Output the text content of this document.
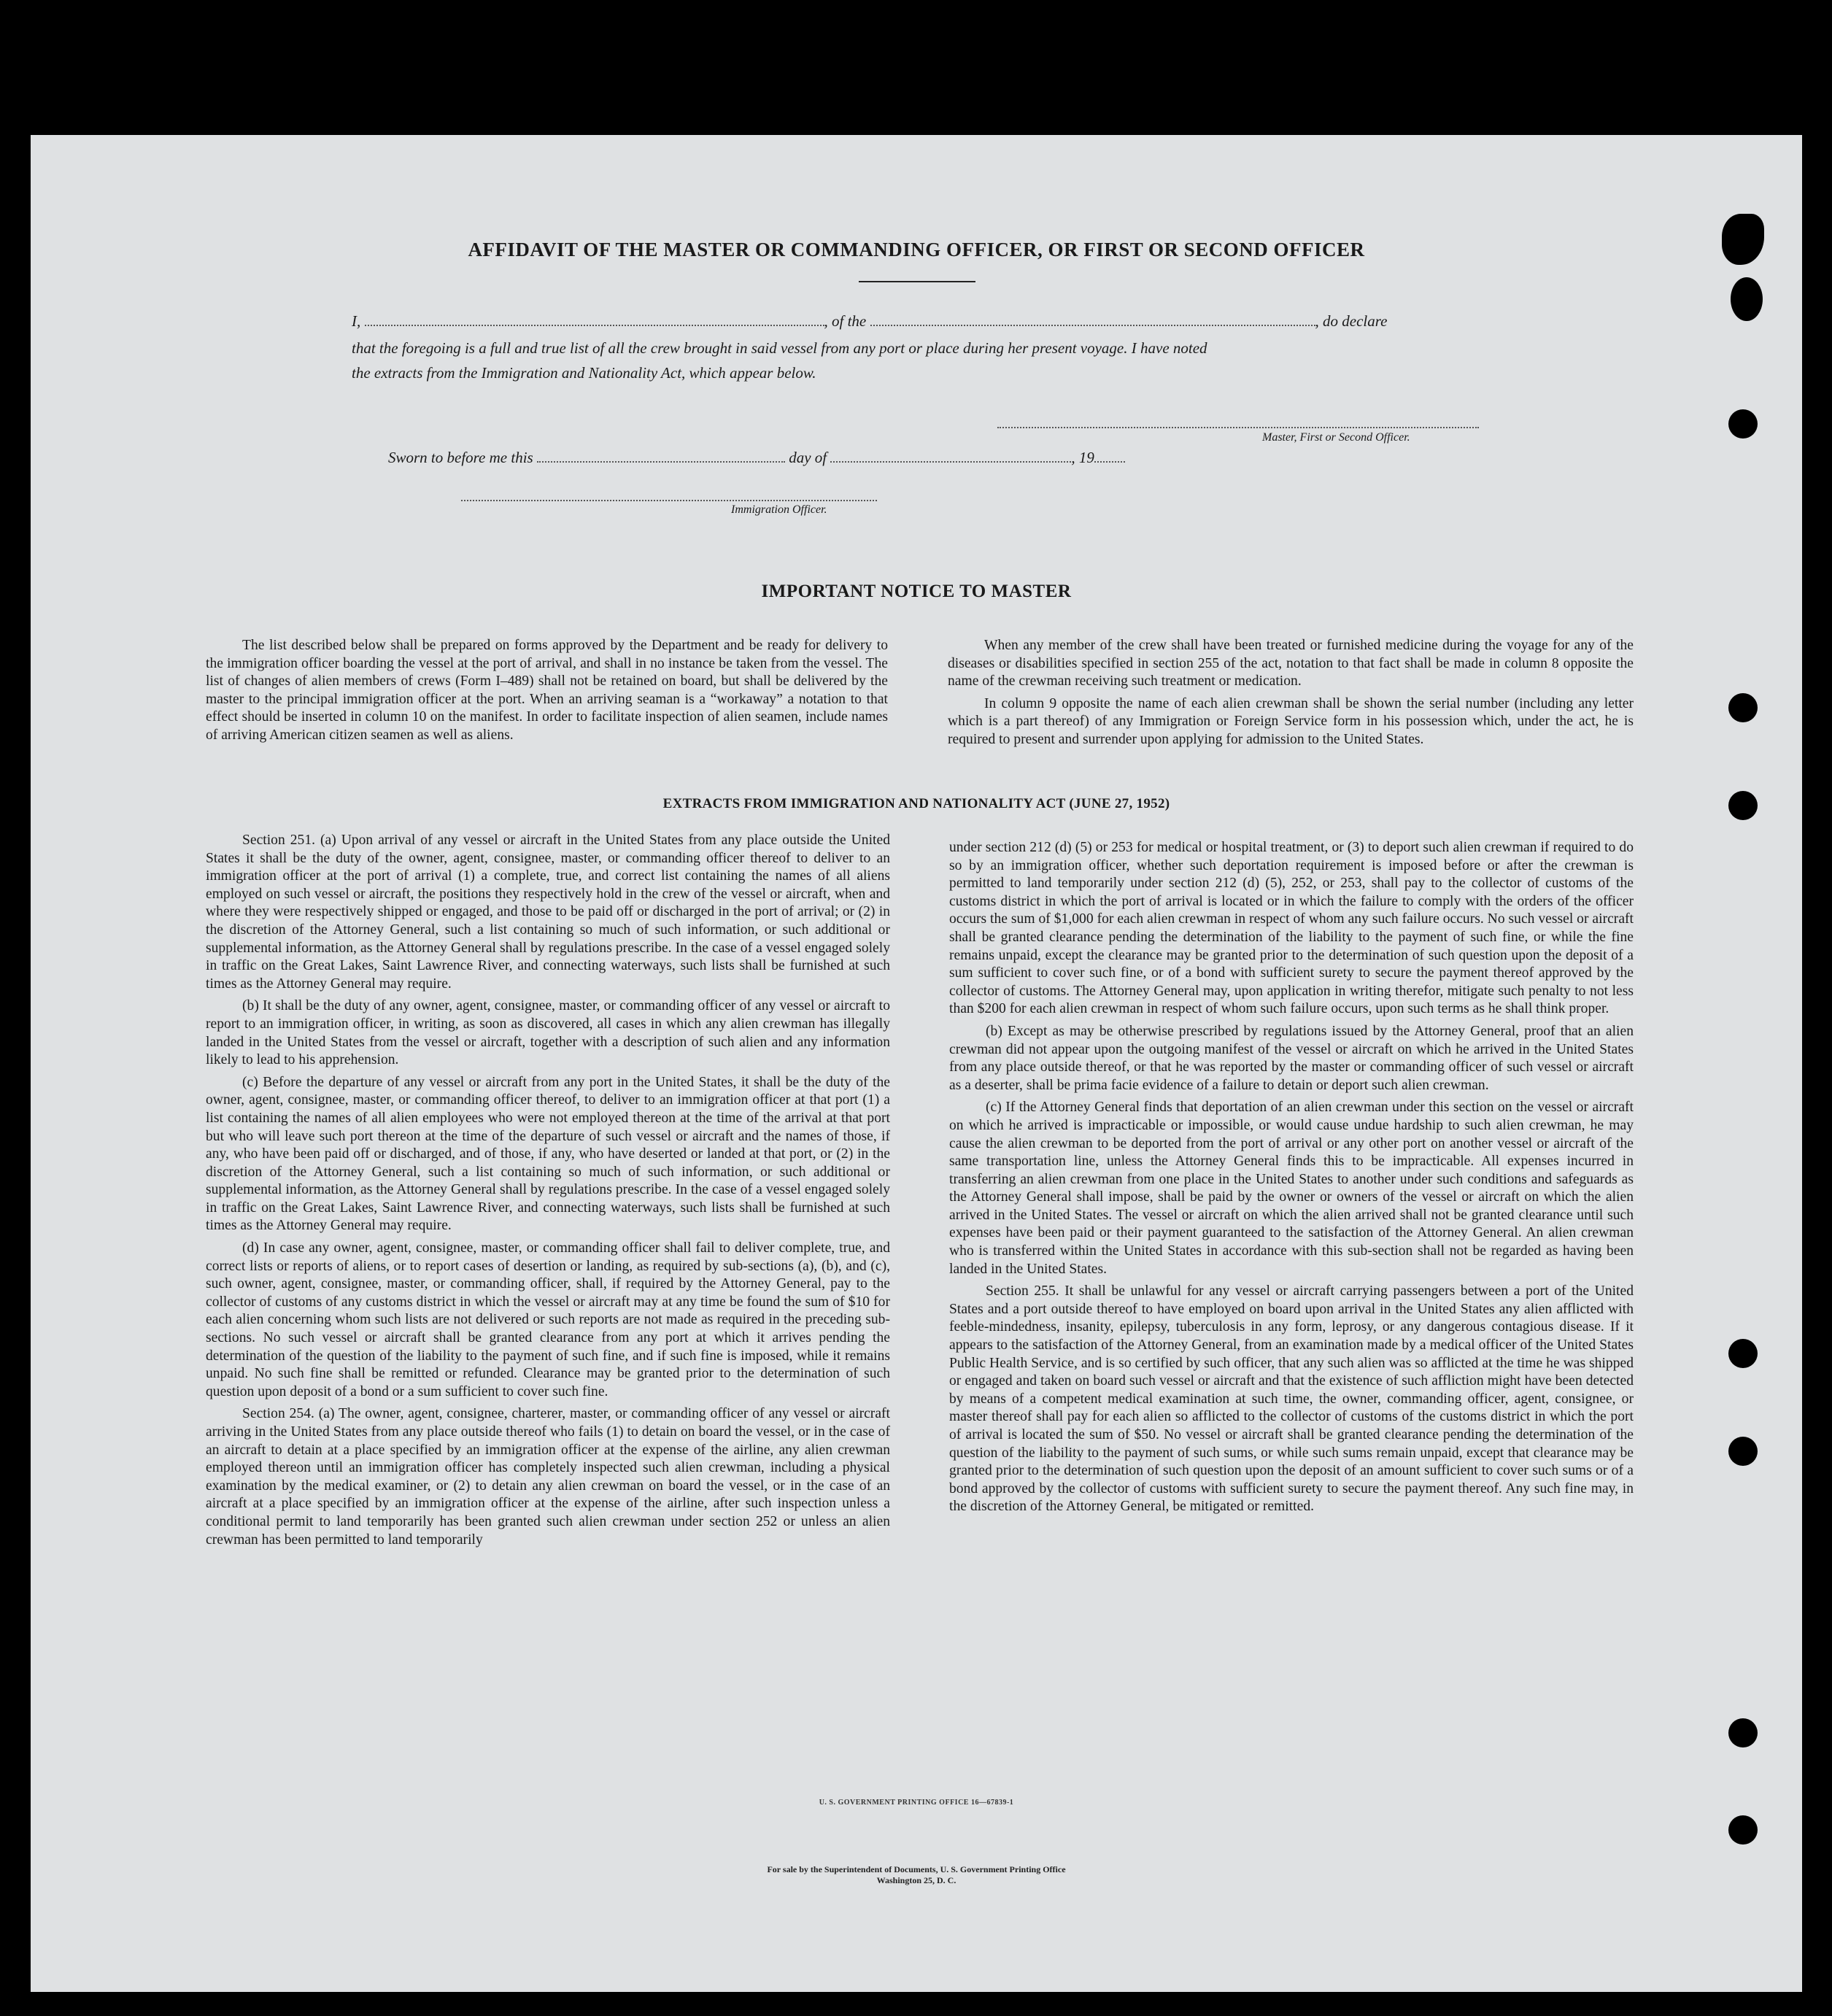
AFFIDAVIT OF THE MASTER OR COMMANDING OFFICER, OR FIRST OR SECOND OFFICER
I,	, of the	, do declare
that the foregoing is a full and true list of all the crew brought in said vessel from any port or place during her present voyage. I have noted
the extracts from the Immigration and Nationality Act, which appear below.
Master, First or Second Officer.
Sworn to before me this	day of	, 19
Immigration Officer.
IMPORTANT NOTICE TO MASTER

The list described below shall be prepared on forms approved by the Department and be ready for delivery to the immigration officer boarding the vessel at the port of arrival, and shall in no instance be taken from the vessel. The list of changes of alien members of crews (Form I–489) shall not be retained on board, but shall be delivered by the master to the principal immigration officer at the port. When an arriving seaman is a “workaway” a notation to that effect should be inserted in column 10 on the manifest. In order to facilitate inspection of alien seamen, include names of arriving American citizen seamen as well as aliens.

When any member of the crew shall have been treated or furnished medicine during the voyage for any of the diseases or disabilities specified in section 255 of the act, notation to that fact shall be made in column 8 opposite the name of the crewman receiving such treatment or medication.

In column 9 opposite the name of each alien crewman shall be shown the serial number (including any letter which is a part thereof) of any Immigration or Foreign Service form in his possession which, under the act, he is required to present and surrender upon applying for admission to the United States.

EXTRACTS FROM IMMIGRATION AND NATIONALITY ACT (JUNE 27, 1952)

Section 251. (a) Upon arrival of any vessel or aircraft in the United States from any place outside the United States it shall be the duty of the owner, agent, consignee, master, or commanding officer thereof to deliver to an immigration officer at the port of arrival (1) a complete, true, and correct list containing the names of all aliens employed on such vessel or aircraft, the positions they respectively hold in the crew of the vessel or aircraft, when and where they were respectively shipped or engaged, and those to be paid off or discharged in the port of arrival; or (2) in the discretion of the Attorney General, such a list containing so much of such information, or such additional or supplemental information, as the Attorney General shall by regulations prescribe. In the case of a vessel engaged solely in traffic on the Great Lakes, Saint Lawrence River, and connecting waterways, such lists shall be furnished at such times as the Attorney General may require.

(b) It shall be the duty of any owner, agent, consignee, master, or commanding officer of any vessel or aircraft to report to an immigration officer, in writing, as soon as discovered, all cases in which any alien crewman has illegally landed in the United States from the vessel or aircraft, together with a description of such alien and any information likely to lead to his apprehension.

(c) Before the departure of any vessel or aircraft from any port in the United States, it shall be the duty of the owner, agent, consignee, master, or commanding officer thereof, to deliver to an immigration officer at that port (1) a list containing the names of all alien employees who were not employed thereon at the time of the arrival at that port but who will leave such port thereon at the time of the departure of such vessel or aircraft and the names of those, if any, who have been paid off or discharged, and of those, if any, who have deserted or landed at that port, or (2) in the discretion of the Attorney General, such a list containing so much of such information, or such additional or supplemental information, as the Attorney General shall by regulations prescribe. In the case of a vessel engaged solely in traffic on the Great Lakes, Saint Lawrence River, and connecting waterways, such lists shall be furnished at such times as the Attorney General may require.

(d) In case any owner, agent, consignee, master, or commanding officer shall fail to deliver complete, true, and correct lists or reports of aliens, or to report cases of desertion or landing, as required by sub-sections (a), (b), and (c), such owner, agent, consignee, master, or commanding officer, shall, if required by the Attorney General, pay to the collector of customs of any customs district in which the vessel or aircraft may at any time be found the sum of $10 for each alien concerning whom such lists are not delivered or such reports are not made as required in the preceding sub-sections. No such vessel or aircraft shall be granted clearance from any port at which it arrives pending the determination of the question of the liability to the payment of such fine, and if such fine is imposed, while it remains unpaid. No such fine shall be remitted or refunded. Clearance may be granted prior to the determination of such question upon deposit of a bond or a sum sufficient to cover such fine.

Section 254. (a) The owner, agent, consignee, charterer, master, or commanding officer of any vessel or aircraft arriving in the United States from any place outside thereof who fails (1) to detain on board the vessel, or in the case of an aircraft to detain at a place specified by an immigration officer at the expense of the airline, any alien crewman employed thereon until an immigration officer has completely inspected such alien crewman, including a physical examination by the medical examiner, or (2) to detain any alien crewman on board the vessel, or in the case of an aircraft at a place specified by an immigration officer at the expense of the airline, after such inspection unless a conditional permit to land temporarily has been granted such alien crewman under section 252 or unless an alien crewman has been permitted to land temporarily

under section 212 (d) (5) or 253 for medical or hospital treatment, or (3) to deport such alien crewman if required to do so by an immigration officer, whether such deportation requirement is imposed before or after the crewman is permitted to land temporarily under section 212 (d) (5), 252, or 253, shall pay to the collector of customs of the customs district in which the port of arrival is located or in which the failure to comply with the orders of the officer occurs the sum of $1,000 for each alien crewman in respect of whom any such failure occurs. No such vessel or aircraft shall be granted clearance pending the determination of the liability to the payment of such fine, or while the fine remains unpaid, except the clearance may be granted prior to the determination of such question upon the deposit of a sum sufficient to cover such fine, or of a bond with sufficient surety to secure the payment thereof approved by the collector of customs. The Attorney General may, upon application in writing therefor, mitigate such penalty to not less than $200 for each alien crewman in respect of whom such failure occurs, upon such terms as he shall think proper.

(b) Except as may be otherwise prescribed by regulations issued by the Attorney General, proof that an alien crewman did not appear upon the outgoing manifest of the vessel or aircraft on which he arrived in the United States from any place outside thereof, or that he was reported by the master or commanding officer of such vessel or aircraft as a deserter, shall be prima facie evidence of a failure to detain or deport such alien crewman.

(c) If the Attorney General finds that deportation of an alien crewman under this section on the vessel or aircraft on which he arrived is impracticable or impossible, or would cause undue hardship to such alien crewman, he may cause the alien crewman to be deported from the port of arrival or any other port on another vessel or aircraft of the same transportation line, unless the Attorney General finds this to be impracticable. All expenses incurred in transferring an alien crewman from one place in the United States to another under such conditions and safeguards as the Attorney General shall impose, shall be paid by the owner or owners of the vessel or aircraft on which the alien arrived in the United States. The vessel or aircraft on which the alien arrived shall not be granted clearance until such expenses have been paid or their payment guaranteed to the satisfaction of the Attorney General. An alien crewman who is transferred within the United States in accordance with this sub-section shall not be regarded as having been landed in the United States.

Section 255. It shall be unlawful for any vessel or aircraft carrying passengers between a port of the United States and a port outside thereof to have employed on board upon arrival in the United States any alien afflicted with feeble-mindedness, insanity, epilepsy, tuberculosis in any form, leprosy, or any dangerous contagious disease. If it appears to the satisfaction of the Attorney General, from an examination made by a medical officer of the United States Public Health Service, and is so certified by such officer, that any such alien was so afflicted at the time he was shipped or engaged and taken on board such vessel or aircraft and that the existence of such affliction might have been detected by means of a competent medical examination at such time, the owner, commanding officer, agent, consignee, or master thereof shall pay for each alien so afflicted to the collector of customs of the customs district in which the port of arrival is located the sum of $50. No vessel or aircraft shall be granted clearance pending the determination of the question of the liability to the payment of such sums, or while such sums remain unpaid, except that clearance may be granted prior to the determination of such question upon the deposit of an amount sufficient to cover such sums or of a bond approved by the collector of customs with sufficient surety to secure the payment thereof. Any such fine may, in the discretion of the Attorney General, be mitigated or remitted.

U. S. GOVERNMENT PRINTING OFFICE 16—67839-1
For sale by the Superintendent of Documents, U. S. Government Printing Office
Washington 25, D. C.
